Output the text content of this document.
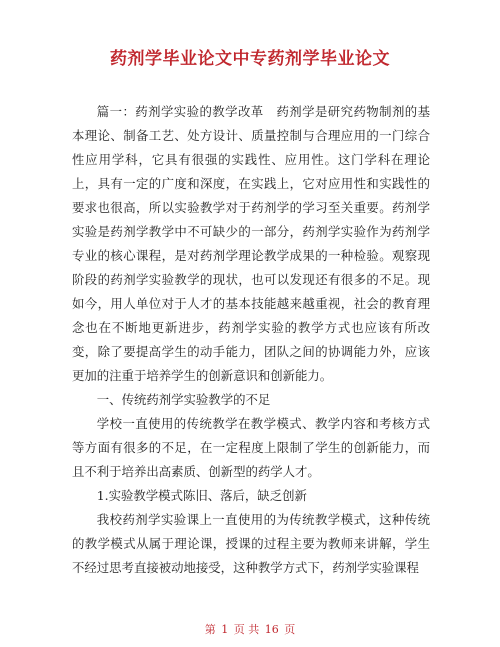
药剂学毕业论文中专药剂学毕业论文

篇一：药剂学实验的教学改革　药剂学是研究药物制剂的基本理论、制备工艺、处方设计、质量控制与合理应用的一门综合性应用学科，它具有很强的实践性、应用性。这门学科在理论上，具有一定的广度和深度，在实践上，它对应用性和实践性的要求也很高，所以实验教学对于药剂学的学习至关重要。药剂学实验是药剂学教学中不可缺少的一部分，药剂学实验作为药剂学专业的核心课程，是对药剂学理论教学成果的一种检验。观察现阶段的药剂学实验教学的现状，也可以发现还有很多的不足。现如今，用人单位对于人才的基本技能越来越重视，社会的教育理念也在不断地更新进步，药剂学实验的教学方式也应该有所改变，除了要提高学生的动手能力，团队之间的协调能力外，应该更加的注重于培养学生的创新意识和创新能力。

一、传统药剂学实验教学的不足

学校一直使用的传统教学在教学模式、教学内容和考核方式等方面有很多的不足，在一定程度上限制了学生的创新能力，而且不利于培养出高素质、创新型的药学人才。

1.实验教学模式陈旧、落后，缺乏创新

我校药剂学实验课上一直使用的为传统教学模式，这种传统的教学模式从属于理论课，授课的过程主要为教师来讲解，学生不经过思考直接被动地接受，这种教学方式下，药剂学实验课程

第 1 页 共 16 页
